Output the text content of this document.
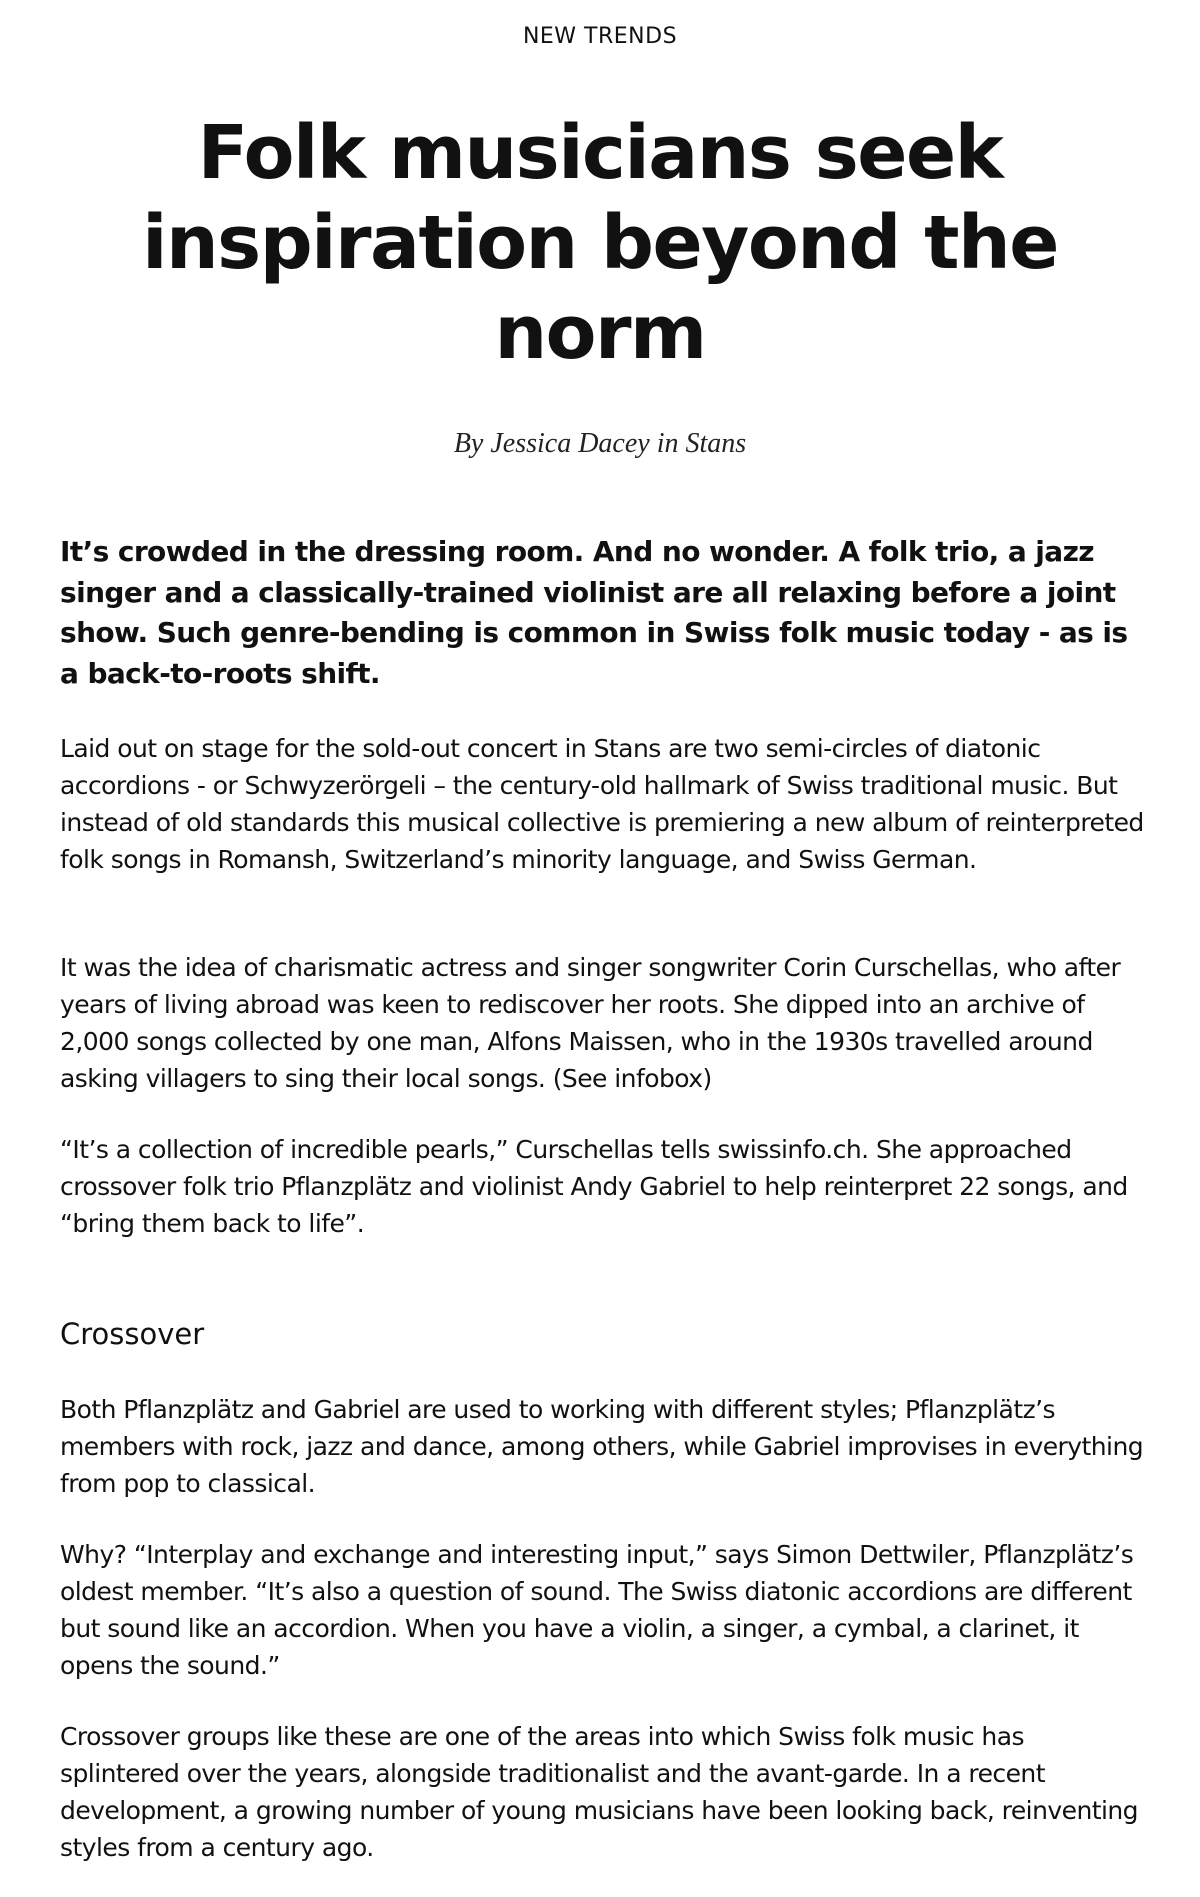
NEW TRENDS
Folk musicians seek inspiration beyond the norm
By Jessica Dacey in Stans

It’s crowded in the dressing room. And no wonder. A folk trio, a jazz singer and a classically-trained violinist are all relaxing before a joint show. Such genre-bending is common in Swiss folk music today - as is a back-to-roots shift.

Laid out on stage for the sold-out concert in Stans are two semi-circles of diatonic accordions - or Schwyzerörgeli – the century-old hallmark of Swiss traditional music. But instead of old standards this musical collective is premiering a new album of reinterpreted folk songs in Romansh, Switzerland’s minority language, and Swiss German.

It was the idea of charismatic actress and singer songwriter Corin Curschellas, who after years of living abroad was keen to rediscover her roots. She dipped into an archive of 2,000 songs collected by one man, Alfons Maissen, who in the 1930s travelled around asking villagers to sing their local songs. (See infobox)

“It’s a collection of incredible pearls,” Curschellas tells swissinfo.ch. She approached crossover folk trio Pflanzplätz and violinist Andy Gabriel to help reinterpret 22 songs, and “bring them back to life”.

Crossover

Both Pflanzplätz and Gabriel are used to working with different styles; Pflanzplätz’s members with rock, jazz and dance, among others, while Gabriel improvises in everything from pop to classical.

Why? “Interplay and exchange and interesting input,” says Simon Dettwiler, Pflanzplätz’s oldest member. “It’s also a question of sound. The Swiss diatonic accordions are different but sound like an accordion. When you have a violin, a singer, a cymbal, a clarinet, it opens the sound.”

Crossover groups like these are one of the areas into which Swiss folk music has splintered over the years, alongside traditionalist and the avant-garde. In a recent development, a growing number of young musicians have been looking back, reinventing styles from a century ago.
